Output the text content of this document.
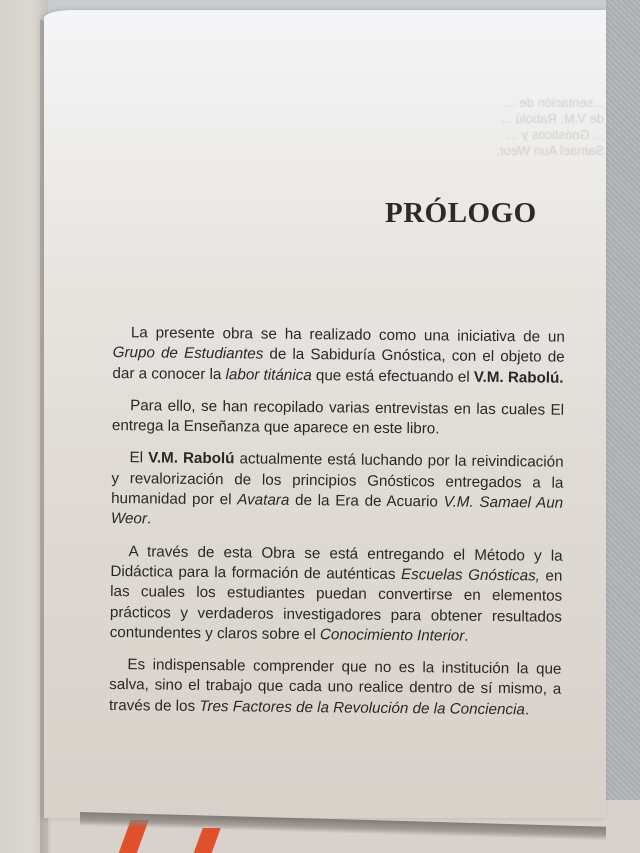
...sentación de ...
de V.M. Rabolú ...
... Gnósticos y ...
Samael Aun Weor.
PRÓLOGO

La presente obra se ha realizado como una iniciativa de un Grupo de Estudiantes de la Sabiduría Gnóstica, con el objeto de dar a conocer la labor titánica que está efectuando el V.M. Rabolú.

Para ello, se han recopilado varias entrevistas en las cuales El entrega la Enseñanza que aparece en este libro.

El V.M. Rabolú actualmente está luchando por la reivindicación y revalorización de los principios Gnósticos entregados a la humanidad por el Avatara de la Era de Acuario V.M. Samael Aun Weor.

A través de esta Obra se está entregando el Método y la Didáctica para la formación de auténticas Escuelas Gnósticas, en las cuales los estudiantes puedan convertirse en elementos prácticos y verdaderos investigadores para obtener resultados contundentes y claros sobre el Conocimiento Interior.

Es indispensable comprender que no es la institución la que salva, sino el trabajo que cada uno realice dentro de sí mismo, a través de los Tres Factores de la Revolución de la Conciencia.
